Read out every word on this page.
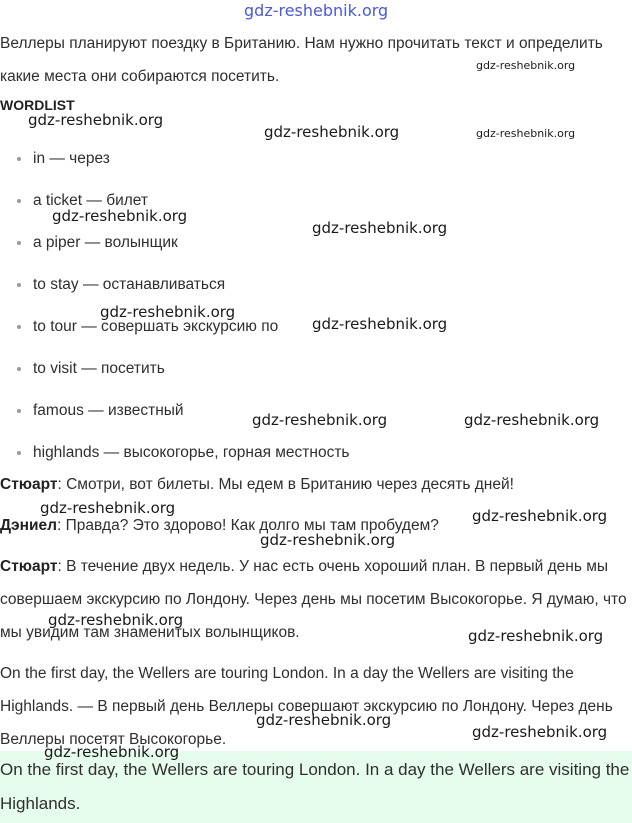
Веллеры планируют поездку в Британию. Нам нужно прочитать текст и определить какие места они собираются посетить.

WORDLIST

in — через
a ticket — билет
a piper — волынщик
to stay — останавливаться
to tour — совершать экскурсию по
to visit — посетить
famous — известный
highlands — высокогорье, горная местность

Стюарт: Смотри, вот билеты. Мы едем в Британию через десять дней!

Дэниел: Правда? Это здорово! Как долго мы там пробудем?

Стюарт: В течение двух недель. У нас есть очень хороший план. В первый день мы совершаем экскурсию по Лондону. Через день мы посетим Высокогорье. Я думаю, что мы увидим там знаменитых волынщиков.

On the first day, the Wellers are touring London. In a day the Wellers are visiting the Highlands. — В первый день Веллеры совершают экскурсию по Лондону. Через день Веллеры посетят Высокогорье.

On the first day, the Wellers are touring London. In a day the Wellers are visiting the Highlands.
gdz-reshebnik.org
gdz-reshebnik.org
gdz-reshebnik.org
gdz-reshebnik.org	gdz-reshebnik.org
gdz-reshebnik.org
gdz-reshebnik.org
gdz-reshebnik.org
gdz-reshebnik.org
gdz-reshebnik.org	gdz-reshebnik.org
gdz-reshebnik.org	gdz-reshebnik.org
gdz-reshebnik.org
gdz-reshebnik.org
gdz-reshebnik.org
gdz-reshebnik.org
gdz-reshebnik.org
gdz-reshebnik.org
